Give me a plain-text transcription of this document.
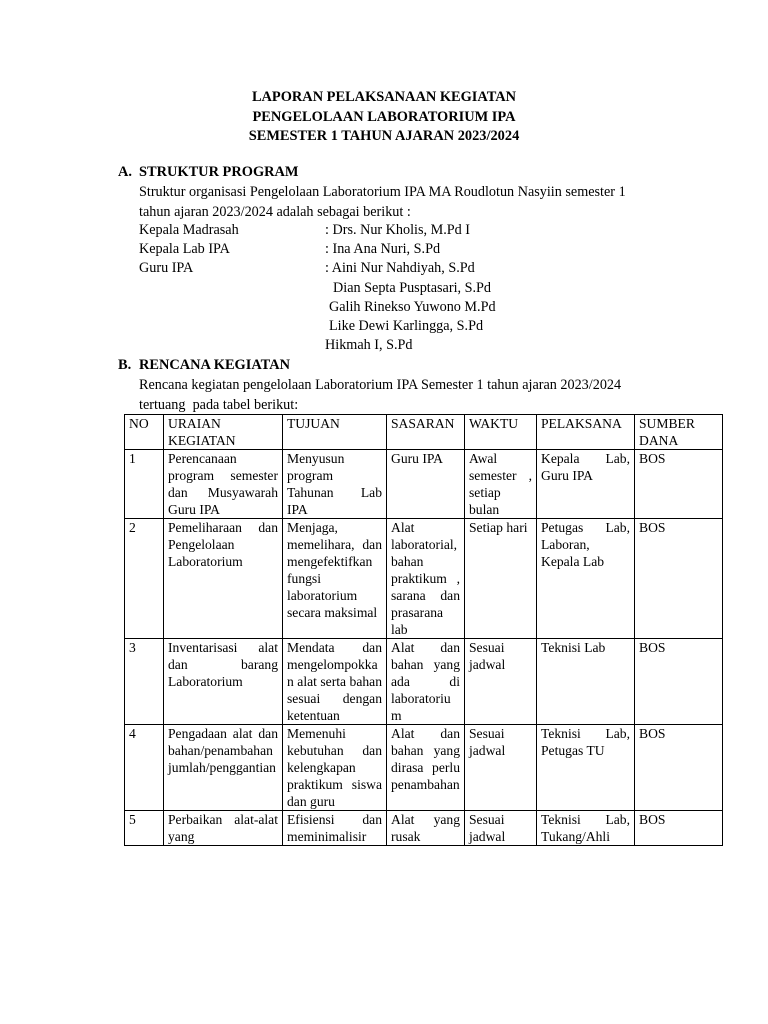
LAPORAN PELAKSANAAN KEGIATAN
PENGELOLAAN LABORATORIUM IPA
SEMESTER 1 TAHUN AJARAN 2023/2024
A. STRUKTUR PROGRAM
Struktur organisasi Pengelolaan Laboratorium IPA MA Roudlotun Nasyiin semester 1
tahun ajaran 2023/2024 adalah sebagai berikut :
Kepala Madrasah	: Drs. Nur Kholis, M.Pd I
Kepala Lab IPA	: Ina Ana Nuri, S.Pd
Guru IPA	: Aini Nur Nahdiyah, S.Pd
Dian Septa Pusptasari, S.Pd
Galih Rinekso Yuwono M.Pd
Like Dewi Karlingga, S.Pd
Hikmah I, S.Pd
B. RENCANA KEGIATAN
Rencana kegiatan pengelolaan Laboratorium IPA Semester 1 tahun ajaran 2023/2024
tertuang  pada tabel berikut:
NO	URAIAN KEGIATAN	TUJUAN	SASARAN	WAKTU	PELAKSANA	SUMBER DANA
1	Perencanaan program semester dan Musyawarah Guru IPA	Menyusun program Tahunan Lab IPA	Guru IPA	Awal semester , setiap bulan	Kepala Lab, Guru IPA	BOS
2	Pemeliharaan dan Pengelolaan Laboratorium	Menjaga, memelihara, dan mengefektifkan fungsi laboratorium secara maksimal	Alat laboratorial, bahan praktikum , sarana dan prasarana lab	Setiap hari	Petugas Lab, Laboran, Kepala Lab	BOS
3	Inventarisasi alat dan barang Laboratorium	Mendata dan mengelompokkan alat serta bahan sesuai dengan ketentuan	Alat dan bahan yang ada di laboratorium	Sesuai jadwal	Teknisi Lab	BOS
4	Pengadaan alat dan bahan/penambahan jumlah/penggantian	Memenuhi kebutuhan dan kelengkapan praktikum siswa dan guru	Alat dan bahan yang dirasa perlu penambahan	Sesuai jadwal	Teknisi Lab, Petugas TU	BOS
5	Perbaikan alat-alat yang	Efisiensi dan meminimalisir	Alat yang rusak	Sesuai jadwal	Teknisi Lab, Tukang/Ahli	BOS
